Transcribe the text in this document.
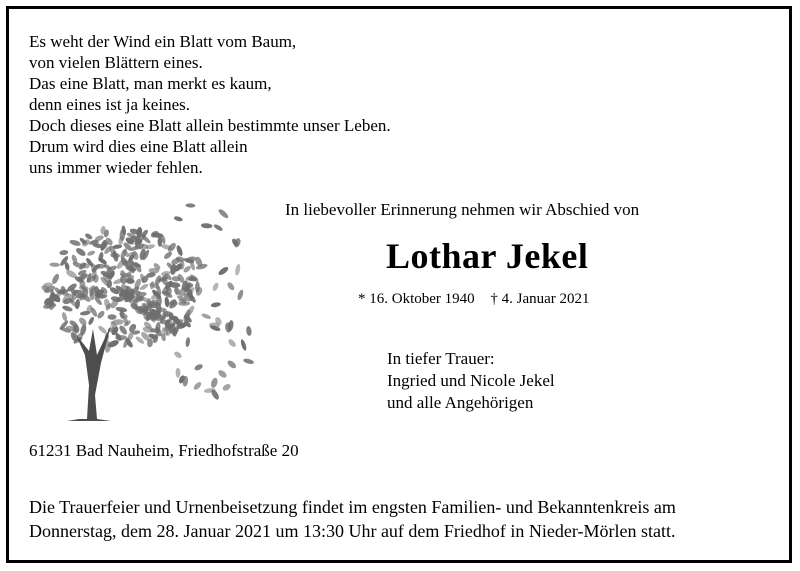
Es weht der Wind ein Blatt vom Baum,
von vielen Blättern eines.
Das eine Blatt, man merkt es kaum,
denn eines ist ja keines.
Doch dieses eine Blatt allein bestimmte unser Leben.
Drum wird dies eine Blatt allein
uns immer wieder fehlen.
In liebevoller Erinnerung nehmen wir Abschied von
Lothar Jekel
* 16. Oktober 1940 † 4. Januar 2021
In tiefer Trauer:
Ingried und Nicole Jekel
und alle Angehörigen
61231 Bad Nauheim, Friedhofstraße 20
Die Trauerfeier und Urnenbeisetzung findet im engsten Familien- und Bekanntenkreis am
Donnerstag, dem 28. Januar 2021 um 13:30 Uhr auf dem Friedhof in Nieder-Mörlen statt.
